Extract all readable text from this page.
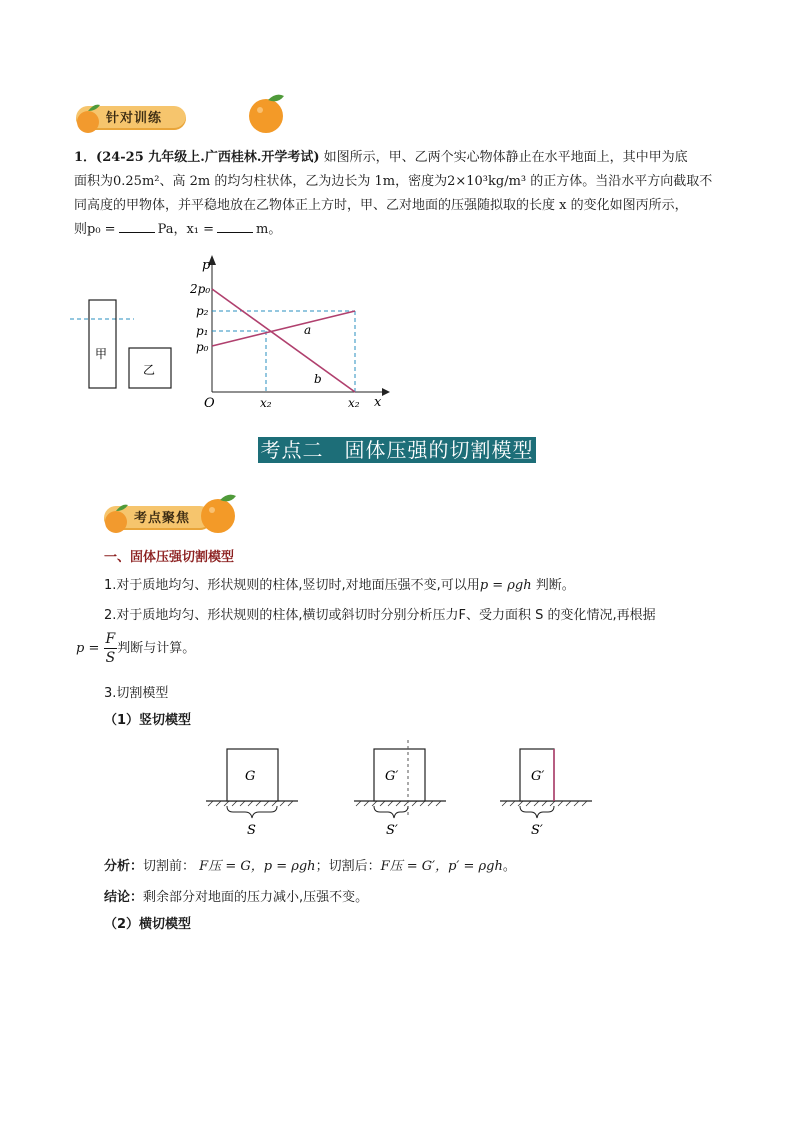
针对训练
1．(24-25 九年级上.广西桂林.开学考试) 如图所示，甲、乙两个实心物体静止在水平地面上，其中甲为底
面积为0.25m²、高 2m 的均匀柱状体，乙为边长为 1m，密度为2×10³kg/m³ 的正方体。当沿水平方向截取不
同高度的甲物体，并平稳地放在乙物体正上方时，甲、乙对地面的压强随拟取的长度 x 的变化如图丙所示，
则p₀ =	Pa，x₁ =	m。
甲
乙
p
x
O
2p₀
p₂
p₁
p₀
x₂	x₂
a
b
考点二　固体压强的切割模型
考点聚焦
一、固体压强切割模型
1.对于质地均匀、形状规则的柱体,竖切时,对地面压强不变,可以用p = ρgh 判断。
2.对于质地均匀、形状规则的柱体,横切或斜切时分别分析压力F、受力面积 S 的变化情况,再根据
$p = \frac{F}{S}$ 判断与计算。
3.切割模型
（1）竖切模型
G
S
G′
S′
G′
S′
分析：切割前： F压 = G，p = ρgh；切割后：F压 = G′，p′ = ρgh。
结论：剩余部分对地面的压力减小,压强不变。
（2）横切模型
